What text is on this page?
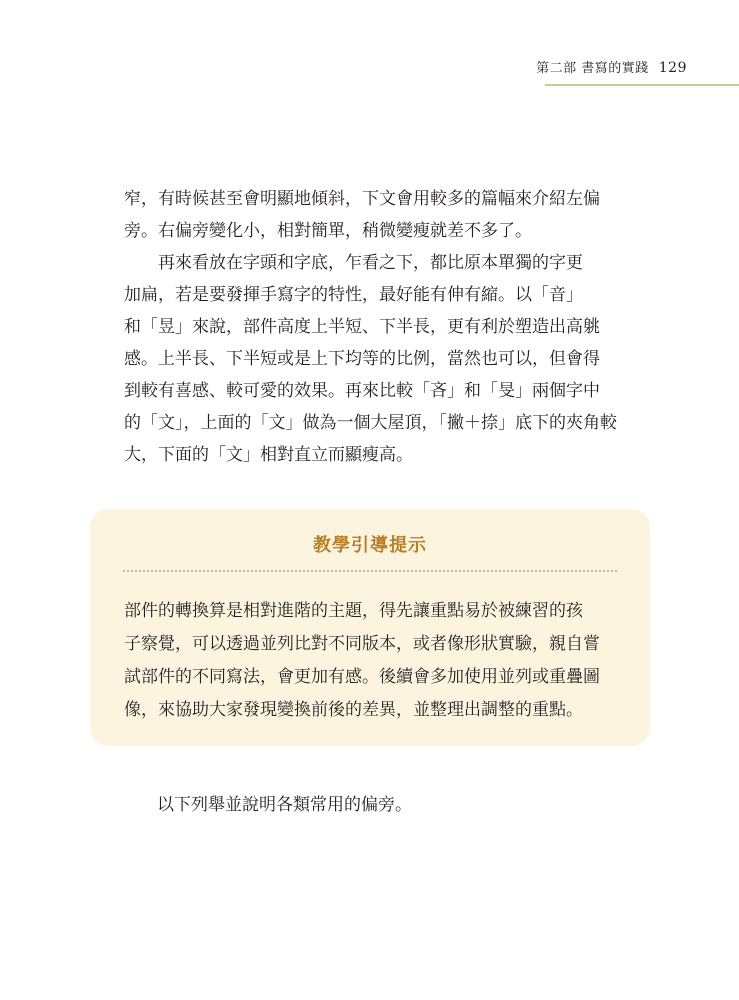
第二部 書寫的實踐 129

窄，有時候甚至會明顯地傾斜，下文會用較多的篇幅來介紹左偏
旁。右偏旁變化小，相對簡單，稍微變瘦就差不多了。

　　再來看放在字頭和字底，乍看之下，都比原本單獨的字更
加扁，若是要發揮手寫字的特性，最好能有伸有縮。以「音」
和「昱」來說，部件高度上半短、下半長，更有利於塑造出高䠷
感。上半長、下半短或是上下均等的比例，當然也可以，但會得
到較有喜感、較可愛的效果。再來比較「吝」和「旻」兩個字中
的「文」，上面的「文」做為一個大屋頂，「撇＋捺」底下的夾角較
大，下面的「文」相對直立而顯瘦高。

教學引導提示

部件的轉換算是相對進階的主題，得先讓重點易於被練習的孩
子察覺，可以透過並列比對不同版本，或者像形狀實驗，親自嘗
試部件的不同寫法，會更加有感。後續會多加使用並列或重疊圖
像，來協助大家發現變換前後的差異，並整理出調整的重點。

以下列舉並說明各類常用的偏旁。
